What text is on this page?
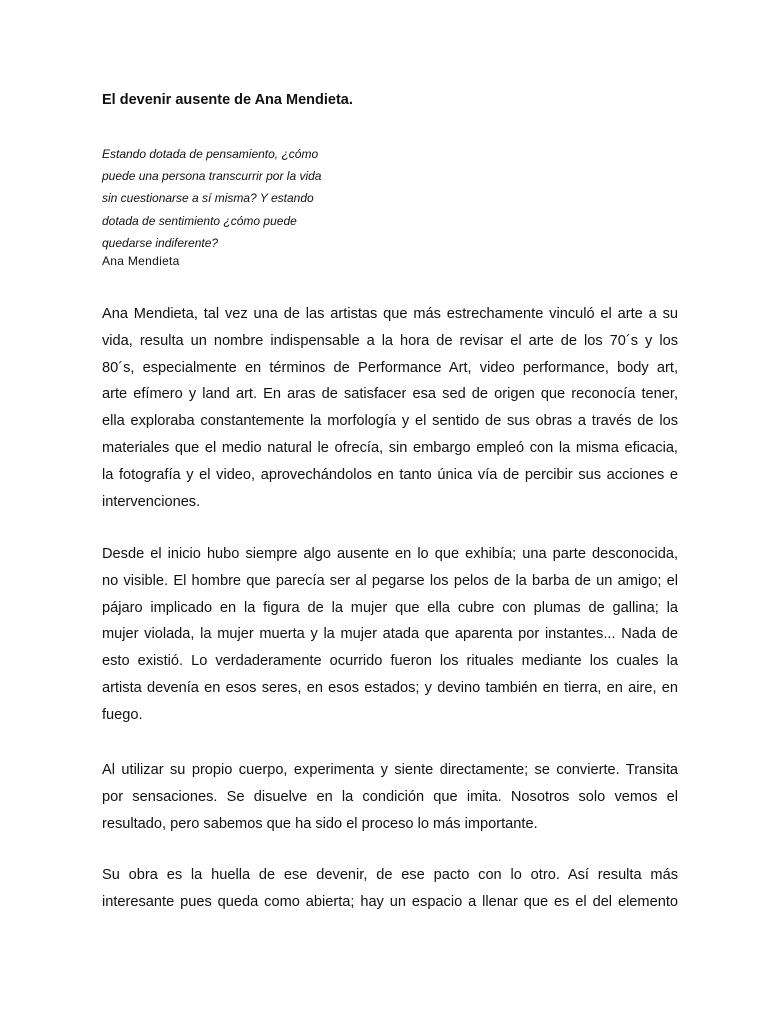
El devenir ausente de Ana Mendieta.
Estando dotada de pensamiento, ¿cómo
puede una persona transcurrir por la vida
sin cuestionarse a sí misma? Y estando
dotada de sentimiento ¿cómo puede
quedarse indiferente?

Ana Mendieta

Ana Mendieta, tal vez una de las artistas que más estrechamente vinculó el arte a su
vida, resulta un nombre indispensable a la hora de revisar el arte de los 70´s y los
80´s, especialmente en términos de Performance Art, video performance, body art,
arte efímero y land art. En aras de satisfacer esa sed de origen que reconocía tener,
ella exploraba constantemente la morfología y el sentido de sus obras a través de los
materiales que el medio natural le ofrecía, sin embargo empleó con la misma eficacia,
la fotografía y el video, aprovechándolos en tanto única vía de percibir sus acciones e
intervenciones.
Desde el inicio hubo siempre algo ausente en lo que exhibía; una parte desconocida,
no visible. El hombre que parecía ser al pegarse los pelos de la barba de un amigo; el
pájaro implicado en la figura de la mujer que ella cubre con plumas de gallina; la
mujer violada, la mujer muerta y la mujer atada que aparenta por instantes... Nada de
esto existió. Lo verdaderamente ocurrido fueron los rituales mediante los cuales la
artista devenía en esos seres, en esos estados; y devino también en tierra, en aire, en
fuego.
Al utilizar su propio cuerpo, experimenta y siente directamente; se convierte. Transita
por sensaciones. Se disuelve en la condición que imita. Nosotros solo vemos el
resultado, pero sabemos que ha sido el proceso lo más importante.
Su obra es la huella de ese devenir, de ese pacto con lo otro. Así resulta más
interesante pues queda como abierta; hay un espacio a llenar que es el del elemento
